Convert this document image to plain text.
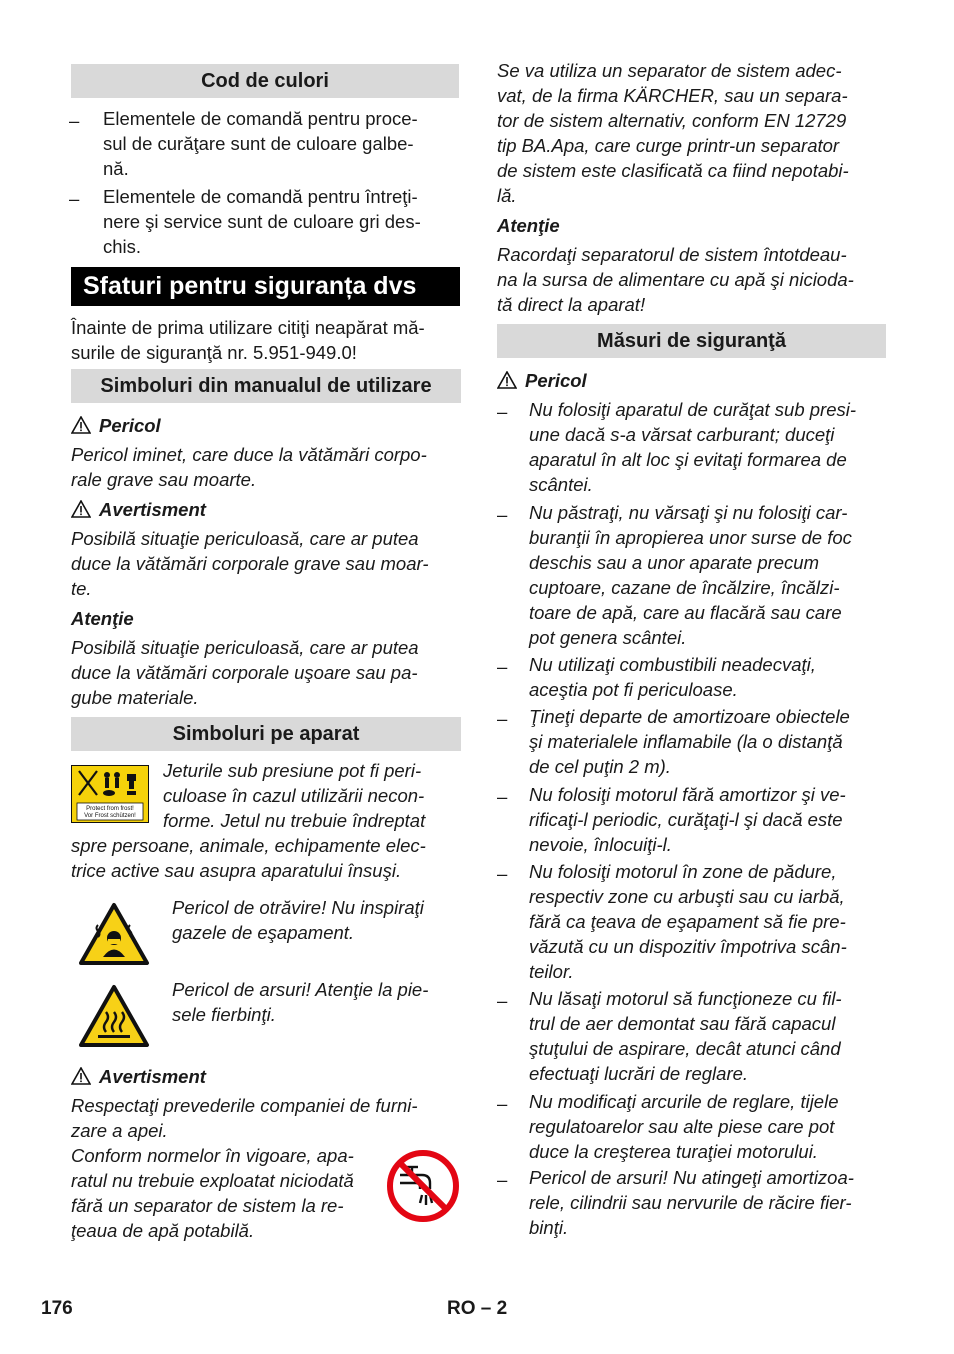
Cod de culori
– Elementele de comandă pentru proce-
sul de curăţare sunt de culoare galbe-
nă.
– Elementele de comandă pentru întreţi-
nere şi service sunt de culoare gri des-
chis.
Sfaturi pentru siguranța dvs
Înainte de prima utilizare citiţi neapărat mă-
surile de siguranţă nr. 5.951-949.0!
Simboluri din manualul de utilizare
Pericol
Pericol iminet, care duce la vătămări corpo-
rale grave sau moarte.
Avertisment
Posibilă situaţie periculoasă, care ar putea
duce la vătămări corporale grave sau moar-
te.
Atenţie
Posibilă situaţie periculoasă, care ar putea
duce la vătămări corporale uşoare sau pa-
gube materiale.
Simboluri pe aparat
Protect from frost!
Vor Frost schützen!
Jeturile sub presiune pot fi peri-
culoase în cazul utilizării necon-
forme. Jetul nu trebuie îndreptat
spre persoane, animale, echipamente elec-
trice active sau asupra aparatului însuşi.
Pericol de otrăvire! Nu inspiraţi
gazele de eşapament.
Pericol de arsuri! Atenţie la pie-
sele fierbinţi.
Avertisment
Respectaţi prevederile companiei de furni-
zare a apei.
Conform normelor în vigoare, apa-
ratul nu trebuie exploatat niciodată
fără un separator de sistem la re-
ţeaua de apă potabilă.
Se va utiliza un separator de sistem adec-
vat, de la firma KÄRCHER, sau un separa-
tor de sistem alternativ, conform EN 12729
tip BA.Apa, care curge printr-un separator
de sistem este clasificată ca fiind nepotabi-
lă.
Atenţie
Racordaţi separatorul de sistem întotdeau-
na la sursa de alimentare cu apă şi nicioda-
tă direct la aparat!
Măsuri de siguranţă
Pericol
– Nu folosiţi aparatul de curăţat sub presi-
une dacă s-a vărsat carburant; duceţi
aparatul în alt loc şi evitaţi formarea de
scântei.
– Nu păstraţi, nu vărsaţi şi nu folosiţi car-
buranţii în apropierea unor surse de foc
deschis sau a unor aparate precum
cuptoare, cazane de încălzire, încălzi-
toare de apă, care au flacără sau care
pot genera scântei.
– Nu utilizaţi combustibili neadecvaţi,
aceştia pot fi periculoase.
– Ţineţi departe de amortizoare obiectele
şi materialele inflamabile (la o distanţă
de cel puţin 2 m).
– Nu folosiţi motorul fără amortizor şi ve-
rificaţi-l periodic, curăţaţi-l şi dacă este
nevoie, înlocuiţi-l.
– Nu folosiţi motorul în zone de pădure,
respectiv zone cu arbuşti sau cu iarbă,
fără ca ţeava de eşapament să fie pre-
văzută cu un dispozitiv împotriva scân-
teilor.
– Nu lăsaţi motorul să funcţioneze cu fil-
trul de aer demontat sau fără capacul
ştuţului de aspirare, decât atunci când
efectuaţi lucrări de reglare.
– Nu modificaţi arcurile de reglare, tijele
regulatoarelor sau alte piese care pot
duce la creşterea turaţiei motorului.
– Pericol de arsuri! Nu atingeţi amortizoa-
rele, cilindrii sau nervurile de răcire fier-
binţi.
176	RO – 2
